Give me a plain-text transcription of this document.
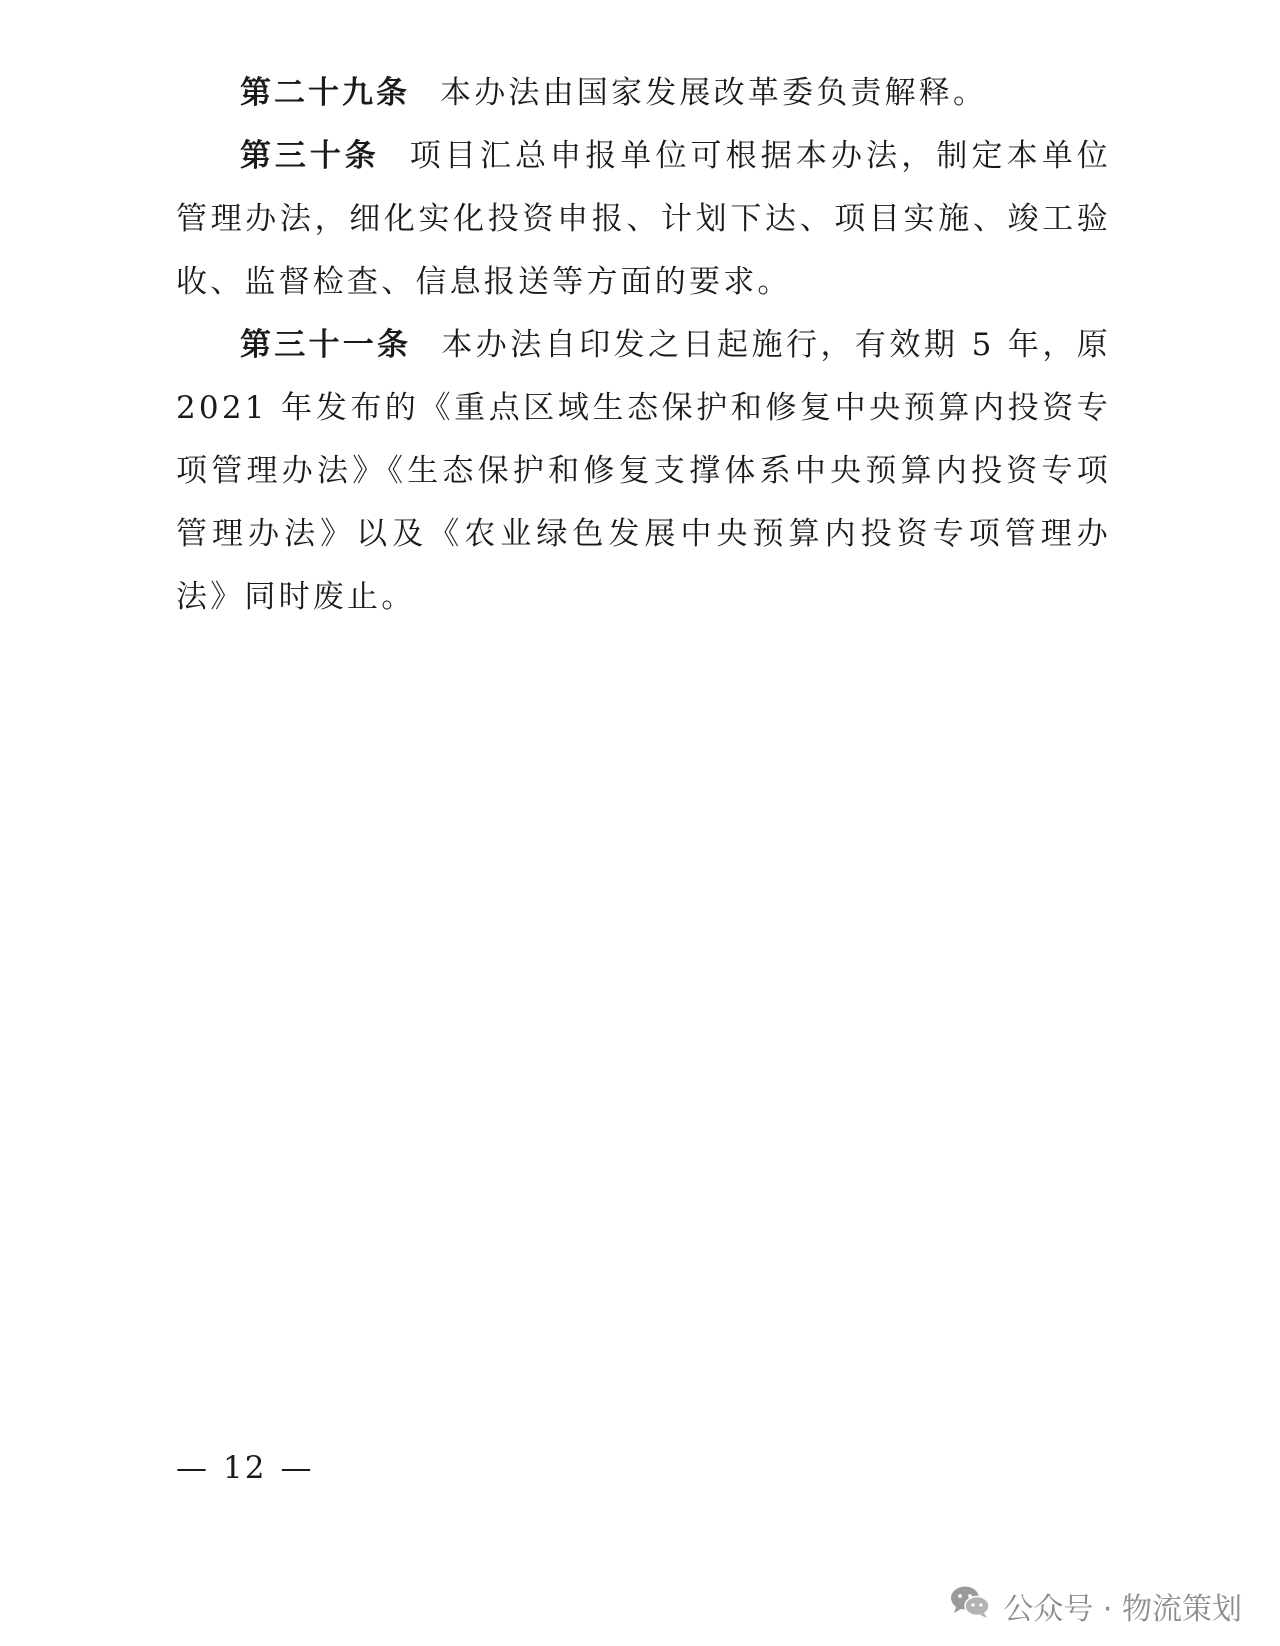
第二十九条 本办法由国家发展改革委负责解释。

第三十条 项目汇总申报单位可根据本办法，制定本单位管理办法，细化实化投资申报、计划下达、项目实施、竣工验收、监督检查、信息报送等方面的要求。

第三十一条 本办法自印发之日起施行，有效期 5 年，原 2021 年发布的《重点区域生态保护和修复中央预算内投资专项管理办法》《生态保护和修复支撑体系中央预算内投资专项管理办法》以及《农业绿色发展中央预算内投资专项管理办法》同时废止。

— 12 —
公众号 · 物流策划
